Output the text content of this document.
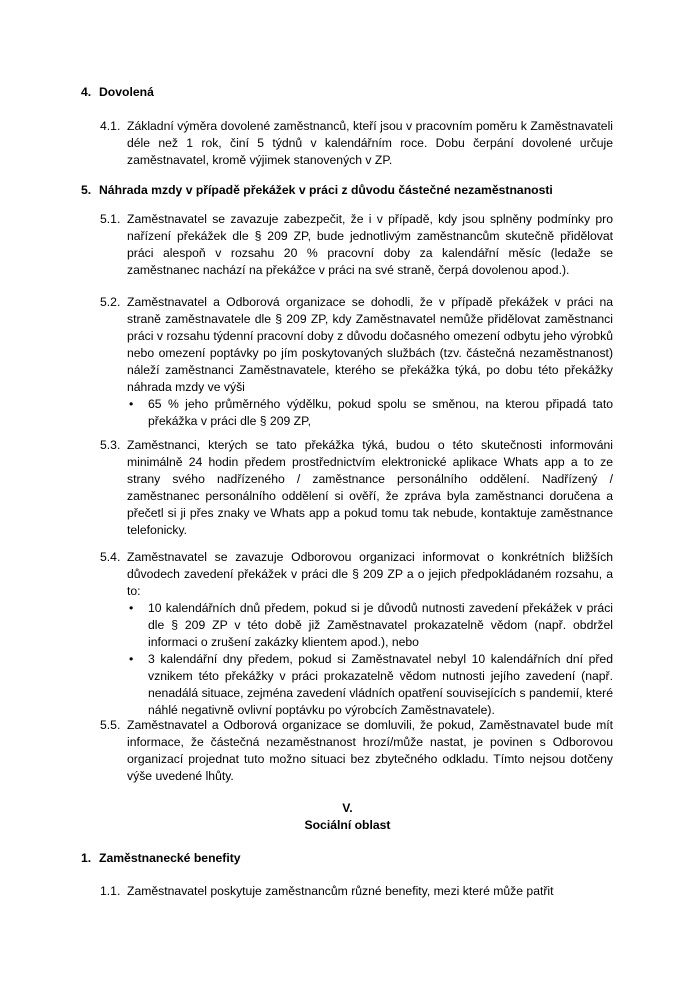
4. Dovolená
4.1. Základní výměra dovolené zaměstnanců, kteří jsou v pracovním poměru k Zaměstnavateli déle než 1 rok, činí 5 týdnů v kalendářním roce. Dobu čerpání dovolené určuje zaměstnavatel, kromě výjimek stanovených v ZP.
5. Náhrada mzdy v případě překážek v práci z důvodu částečné nezaměstnanosti
5.1. Zaměstnavatel se zavazuje zabezpečit, že i v případě, kdy jsou splněny podmínky pro nařízení překážek dle § 209 ZP, bude jednotlivým zaměstnancům skutečně přidělovat práci alespoň v rozsahu 20 % pracovní doby za kalendářní měsíc (ledaže se zaměstnanec nachází na překážce v práci na své straně, čerpá dovolenou apod.).
5.2. Zaměstnavatel a Odborová organizace se dohodli, že v případě překážek v práci na straně zaměstnavatele dle § 209 ZP, kdy Zaměstnavatel nemůže přidělovat zaměstnanci práci v rozsahu týdenní pracovní doby z důvodu dočasného omezení odbytu jeho výrobků nebo omezení poptávky po jím poskytovaných službách (tzv. částečná nezaměstnanost) náleží zaměstnanci Zaměstnavatele, kterého se překážka týká, po dobu této překážky náhrada mzdy ve výši
• 65 % jeho průměrného výdělku, pokud spolu se směnou, na kterou připadá tato překážka v práci dle § 209 ZP,
5.3. Zaměstnanci, kterých se tato překážka týká, budou o této skutečnosti informováni minimálně 24 hodin předem prostřednictvím elektronické aplikace Whats app a to ze strany svého nadřízeného / zaměstnance personálního oddělení. Nadřízený / zaměstnanec personálního oddělení si ověří, že zpráva byla zaměstnanci doručena a přečetl si ji přes znaky ve Whats app a pokud tomu tak nebude, kontaktuje zaměstnance telefonicky.
5.4. Zaměstnavatel se zavazuje Odborovou organizaci informovat o konkrétních bližších důvodech zavedení překážek v práci dle § 209 ZP a o jejich předpokládaném rozsahu, a to:
• 10 kalendářních dnů předem, pokud si je důvodů nutnosti zavedení překážek v práci dle § 209 ZP v této době již Zaměstnavatel prokazatelně vědom (např. obdržel informaci o zrušení zakázky klientem apod.), nebo
• 3 kalendářní dny předem, pokud si Zaměstnavatel nebyl 10 kalendářních dní před vznikem této překážky v práci prokazatelně vědom nutnosti jejího zavedení (např. nenadálá situace, zejména zavedení vládních opatření souvisejících s pandemií, které náhlé negativně ovlivní poptávku po výrobcích Zaměstnavatele).
5.5. Zaměstnavatel a Odborová organizace se domluvili, že pokud, Zaměstnavatel bude mít informace, že částečná nezaměstnanost hrozí/může nastat, je povinen s Odborovou organizací projednat tuto možno situaci bez zbytečného odkladu. Tímto nejsou dotčeny výše uvedené lhůty.
V.
Sociální oblast
1. Zaměstnanecké benefity
1.1. Zaměstnavatel poskytuje zaměstnancům různé benefity, mezi které může patřit
